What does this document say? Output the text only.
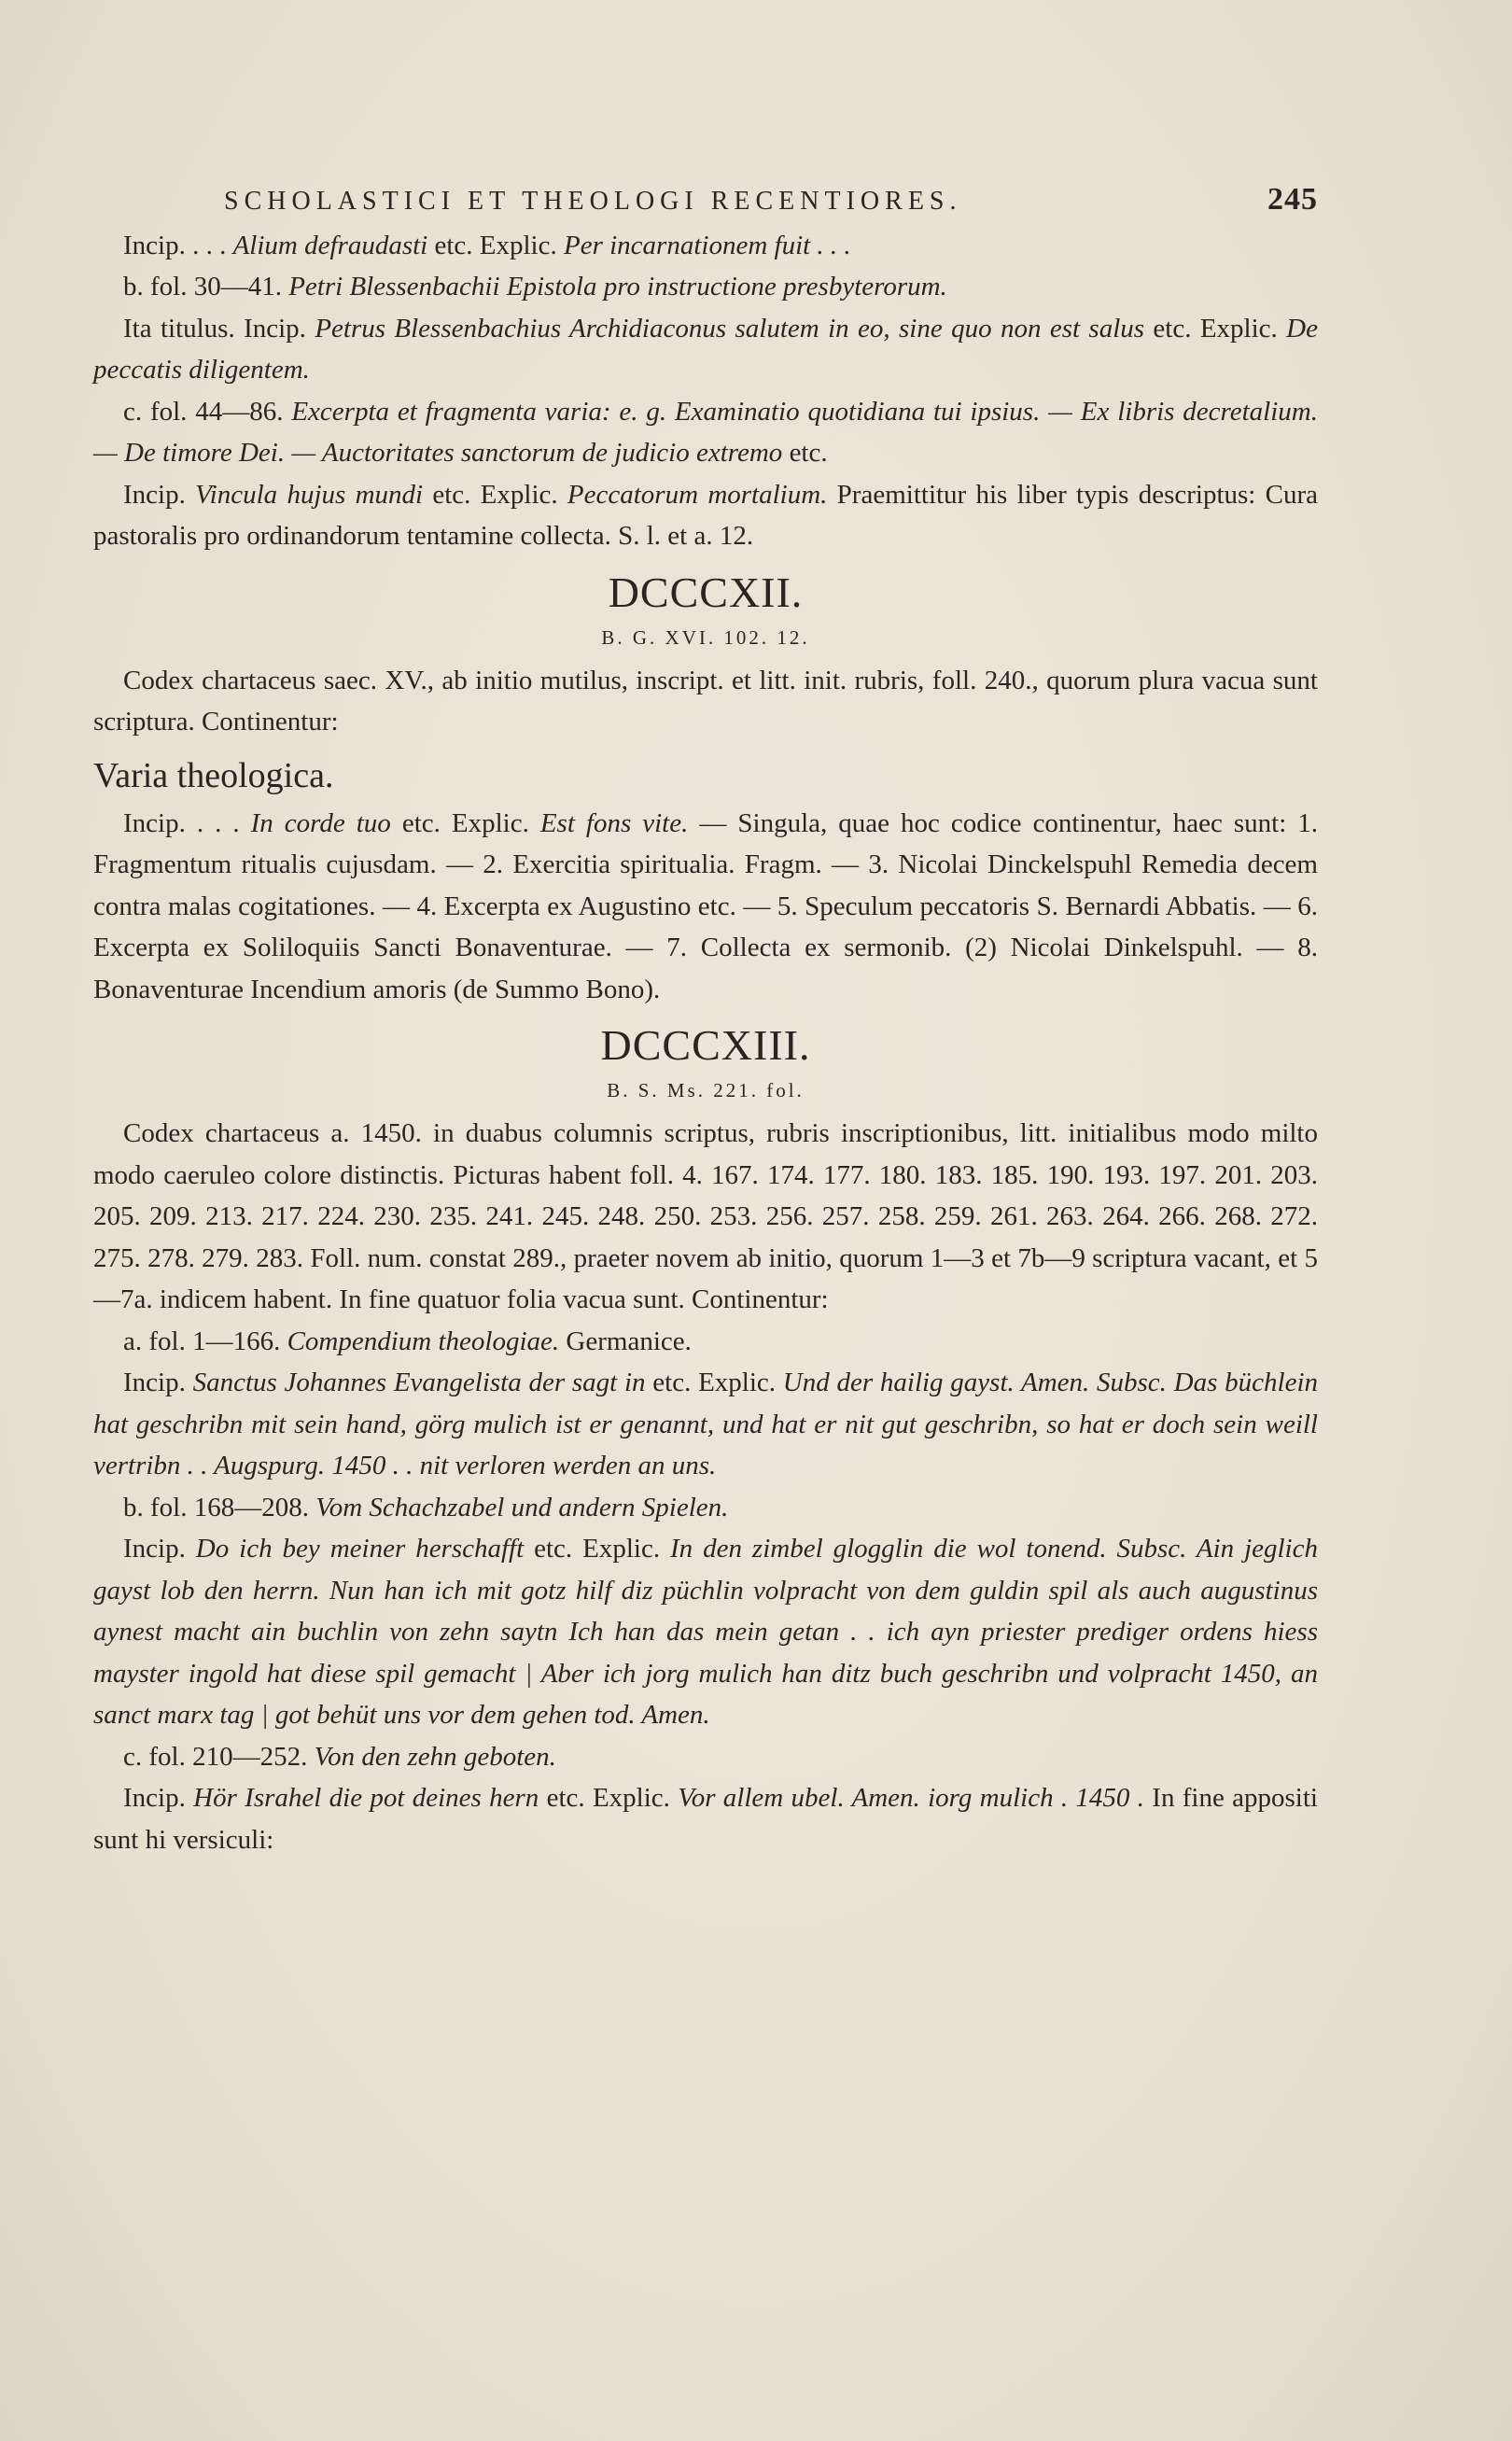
SCHOLASTICI ET THEOLOGI RECENTIORES.	245

Incip. . . . Alium defraudasti etc. Explic. Per incarnationem fuit . . .

b. fol. 30—41. Petri Blessenbachii Epistola pro instructione presbyterorum.

Ita titulus. Incip. Petrus Blessenbachius Archidiaconus salutem in eo, sine quo non est salus etc. Explic. De peccatis diligentem.

c. fol. 44—86. Excerpta et fragmenta varia: e. g. Examinatio quotidiana tui ipsius. — Ex libris decretalium. — De timore Dei. — Auctoritates sanctorum de judicio extremo etc.

Incip. Vincula hujus mundi etc. Explic. Peccatorum mortalium. Praemittitur his liber typis descriptus: Cura pastoralis pro ordinandorum tentamine collecta. S. l. et a. 12.

DCCCXII.
B. G. XVI. 102. 12.

Codex chartaceus saec. XV., ab initio mutilus, inscript. et litt. init. rubris, foll. 240., quorum plura vacua sunt scriptura. Continentur:

Varia theologica.

Incip. . . . In corde tuo etc. Explic. Est fons vite. — Singula, quae hoc codice continentur, haec sunt: 1. Fragmentum ritualis cujusdam. — 2. Exercitia spiritualia. Fragm. — 3. Nicolai Dinckelspuhl Remedia decem contra malas cogitationes. — 4. Excerpta ex Augustino etc. — 5. Speculum peccatoris S. Bernardi Abbatis. — 6. Excerpta ex Soliloquiis Sancti Bonaventurae. — 7. Collecta ex sermonib. (2) Nicolai Dinkelspuhl. — 8. Bonaventurae Incendium amoris (de Summo Bono).

DCCCXIII.
B. S. Ms. 221. fol.

Codex chartaceus a. 1450. in duabus columnis scriptus, rubris inscriptionibus, litt. initialibus modo milto modo caeruleo colore distinctis. Picturas habent foll. 4. 167. 174. 177. 180. 183. 185. 190. 193. 197. 201. 203. 205. 209. 213. 217. 224. 230. 235. 241. 245. 248. 250. 253. 256. 257. 258. 259. 261. 263. 264. 266. 268. 272. 275. 278. 279. 283. Foll. num. constat 289., praeter novem ab initio, quorum 1—3 et 7b—9 scriptura vacant, et 5—7a. indicem habent. In fine quatuor folia vacua sunt. Continentur:

a. fol. 1—166. Compendium theologiae. Germanice.

Incip. Sanctus Johannes Evangelista der sagt in etc. Explic. Und der hailig gayst. Amen. Subsc. Das büchlein hat geschribn mit sein hand, görg mulich ist er genannt, und hat er nit gut geschribn, so hat er doch sein weill vertribn . . Augspurg. 1450 . . nit verloren werden an uns.

b. fol. 168—208. Vom Schachzabel und andern Spielen.

Incip. Do ich bey meiner herschafft etc. Explic. In den zimbel glogglin die wol tonend. Subsc. Ain jeglich gayst lob den herrn. Nun han ich mit gotz hilf diz püchlin volpracht von dem guldin spil als auch augustinus aynest macht ain buchlin von zehn saytn Ich han das mein getan . . ich ayn priester prediger ordens hiess mayster ingold hat diese spil gemacht | Aber ich jorg mulich han ditz buch geschribn und volpracht 1450, an sanct marx tag | got behüt uns vor dem gehen tod. Amen.

c. fol. 210—252. Von den zehn geboten.

Incip. Hör Israhel die pot deines hern etc. Explic. Vor allem ubel. Amen. iorg mulich . 1450 . In fine appositi sunt hi versiculi:
